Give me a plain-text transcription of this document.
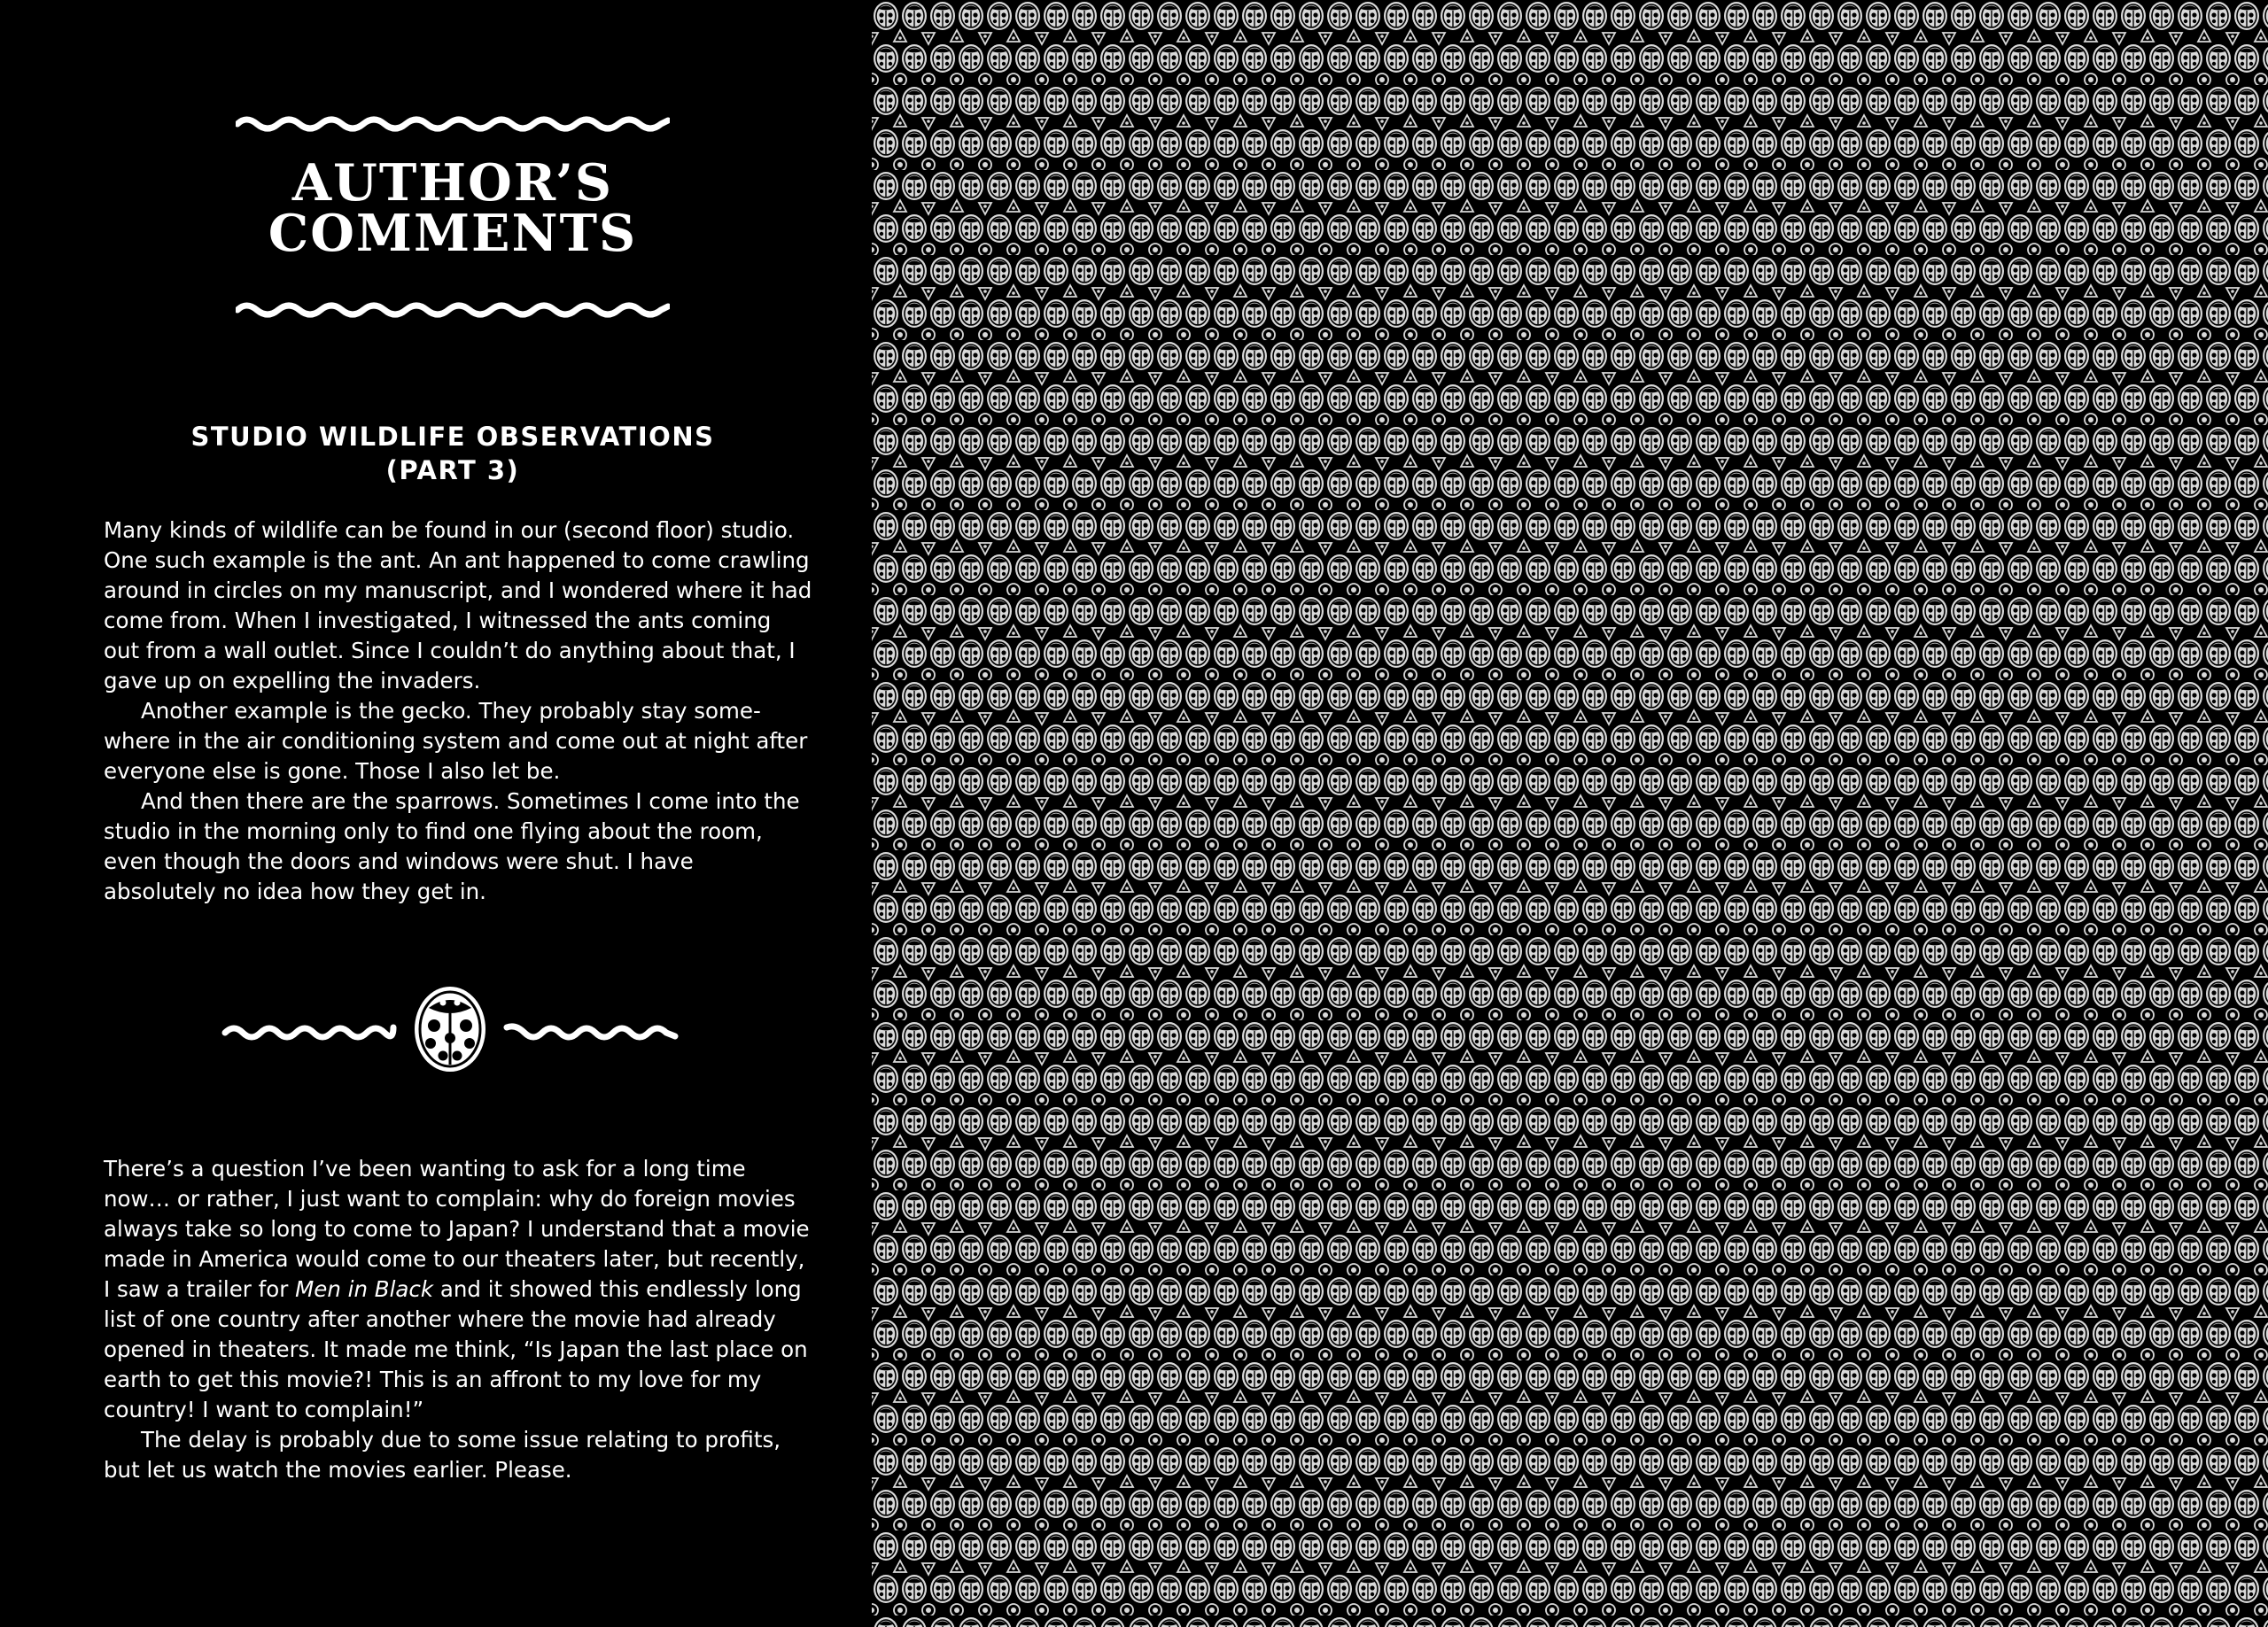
AUTHOR’S
COMMENTS
STUDIO WILDLIFE OBSERVATIONS
(PART 3)

Many kinds of wildlife can be found in our (second floor) studio. One such example is the ant. An ant happened to come crawling around in circles on my manuscript, and I wondered where it had come from. When I investigated, I witnessed the ants coming out from a wall outlet. Since I couldn’t do anything about that, I gave up on expelling the invaders.

Another example is the gecko. They probably stay some-where in the air conditioning system and come out at night after everyone else is gone. Those I also let be.

And then there are the sparrows. Sometimes I come into the studio in the morning only to find one flying about the room, even though the doors and windows were shut. I have absolutely no idea how they get in.

There’s a question I’ve been wanting to ask for a long time now… or rather, I just want to complain: why do foreign movies always take so long to come to Japan? I understand that a movie made in America would come to our theaters later, but recently, I saw a trailer for Men in Black and it showed this endlessly long list of one country after another where the movie had already opened in theaters. It made me think, “Is Japan the last place on earth to get this movie?! This is an affront to my love for my country! I want to complain!”

The delay is probably due to some issue relating to profits, but let us watch the movies earlier. Please.
